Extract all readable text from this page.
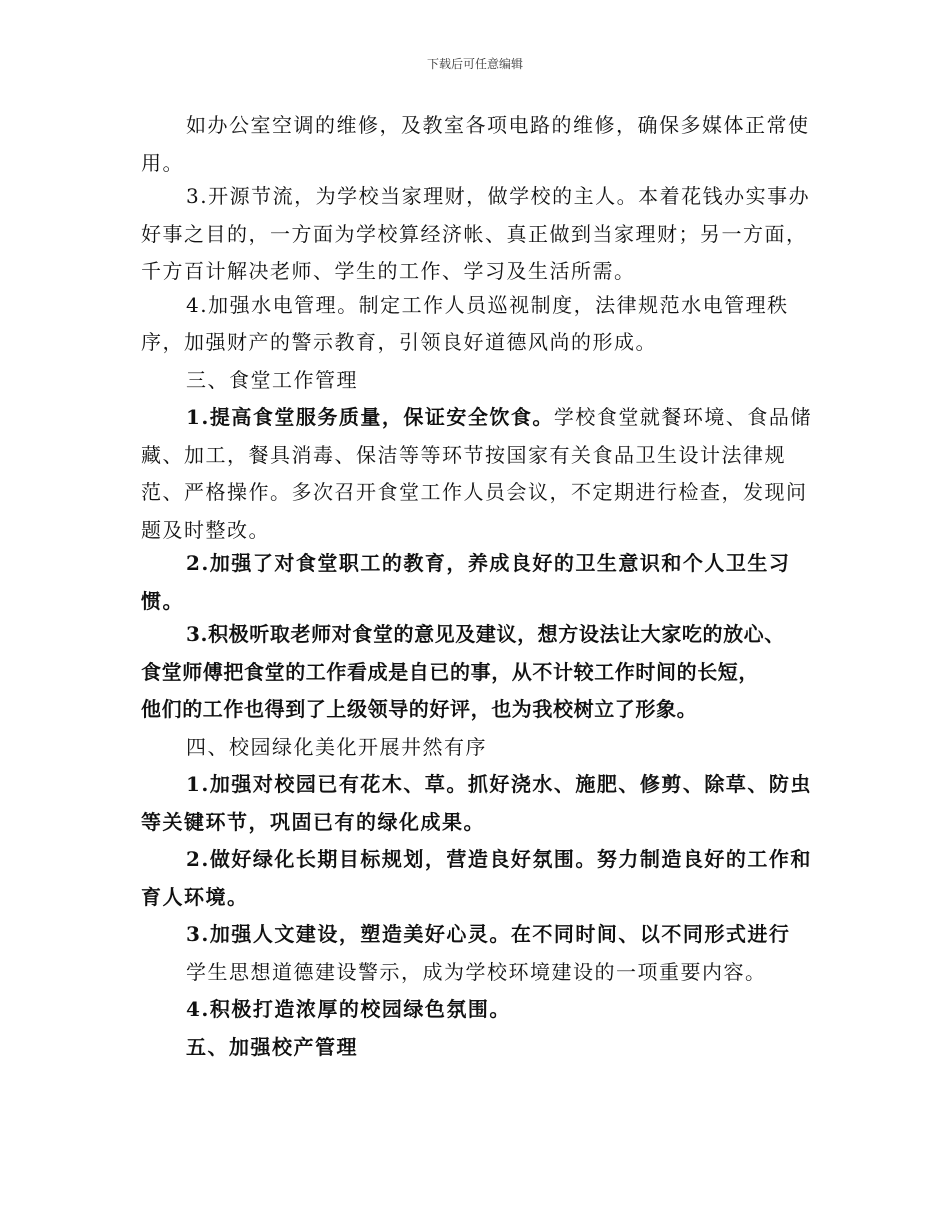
下载后可任意编辑

如办公室空调的维修，及教室各项电路的维修，确保多媒体正常使用。

3.开源节流，为学校当家理财，做学校的主人。本着花钱办实事办好事之目的，一方面为学校算经济帐、真正做到当家理财；另一方面，千方百计解决老师、学生的工作、学习及生活所需。

4.加强水电管理。制定工作人员巡视制度，法律规范水电管理秩序，加强财产的警示教育，引领良好道德风尚的形成。

三、食堂工作管理

1.提高食堂服务质量，保证安全饮食。学校食堂就餐环境、食品储藏、加工，餐具消毒、保洁等等环节按国家有关食品卫生设计法律规范、严格操作。多次召开食堂工作人员会议，不定期进行检查，发现问题及时整改。

2.加强了对食堂职工的教育，养成良好的卫生意识和个人卫生习惯。

3.积极听取老师对食堂的意见及建议，想方设法让大家吃的放心、

食堂师傅把食堂的工作看成是自已的事，从不计较工作时间的长短，

他们的工作也得到了上级领导的好评，也为我校树立了形象。

四、校园绿化美化开展井然有序

1.加强对校园已有花木、草。抓好浇水、施肥、修剪、除草、防虫等关键环节，巩固已有的绿化成果。

2.做好绿化长期目标规划，营造良好氛围。努力制造良好的工作和育人环境。

3.加强人文建设，塑造美好心灵。在不同时间、以不同形式进行

学生思想道德建设警示，成为学校环境建设的一项重要内容。

4.积极打造浓厚的校园绿色氛围。

五、加强校产管理
